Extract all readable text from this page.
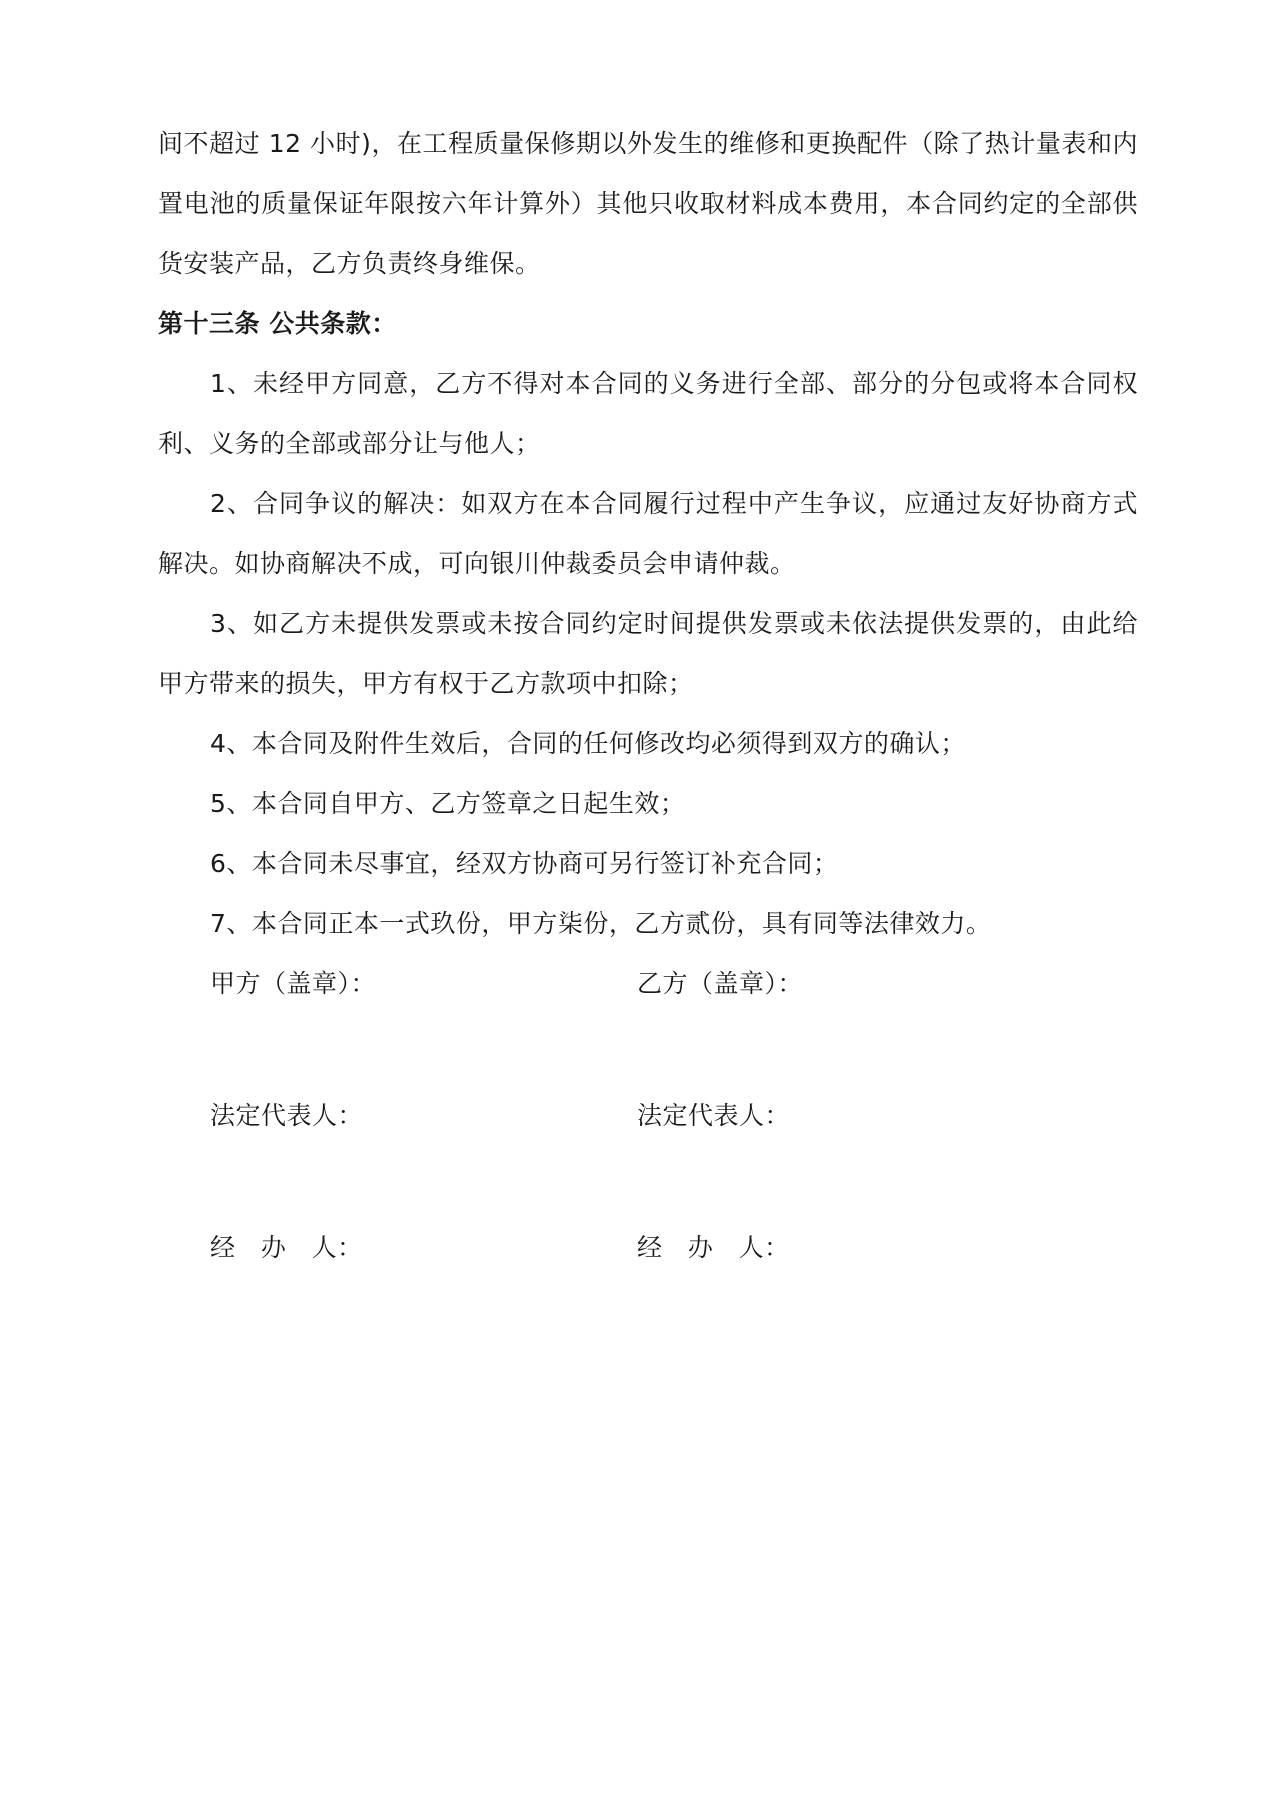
间不超过 12 小时)，在工程质量保修期以外发生的维修和更换配件（除了热计量表和内
置电池的质量保证年限按六年计算外）其他只收取材料成本费用，本合同约定的全部供
货安装产品，乙方负责终身维保。
第十三条 公共条款：
1、未经甲方同意，乙方不得对本合同的义务进行全部、部分的分包或将本合同权
利、义务的全部或部分让与他人；
2、合同争议的解决：如双方在本合同履行过程中产生争议，应通过友好协商方式
解决。如协商解决不成，可向银川仲裁委员会申请仲裁。
3、如乙方未提供发票或未按合同约定时间提供发票或未依法提供发票的，由此给
甲方带来的损失，甲方有权于乙方款项中扣除；
4、本合同及附件生效后，合同的任何修改均必须得到双方的确认；
5、本合同自甲方、乙方签章之日起生效；
6、本合同未尽事宜，经双方协商可另行签订补充合同；
7、本合同正本一式玖份，甲方柒份，乙方贰份，具有同等法律效力。
甲方（盖章）：	乙方（盖章）：
法定代表人：	法定代表人：
经   办   人：	经   办   人：
